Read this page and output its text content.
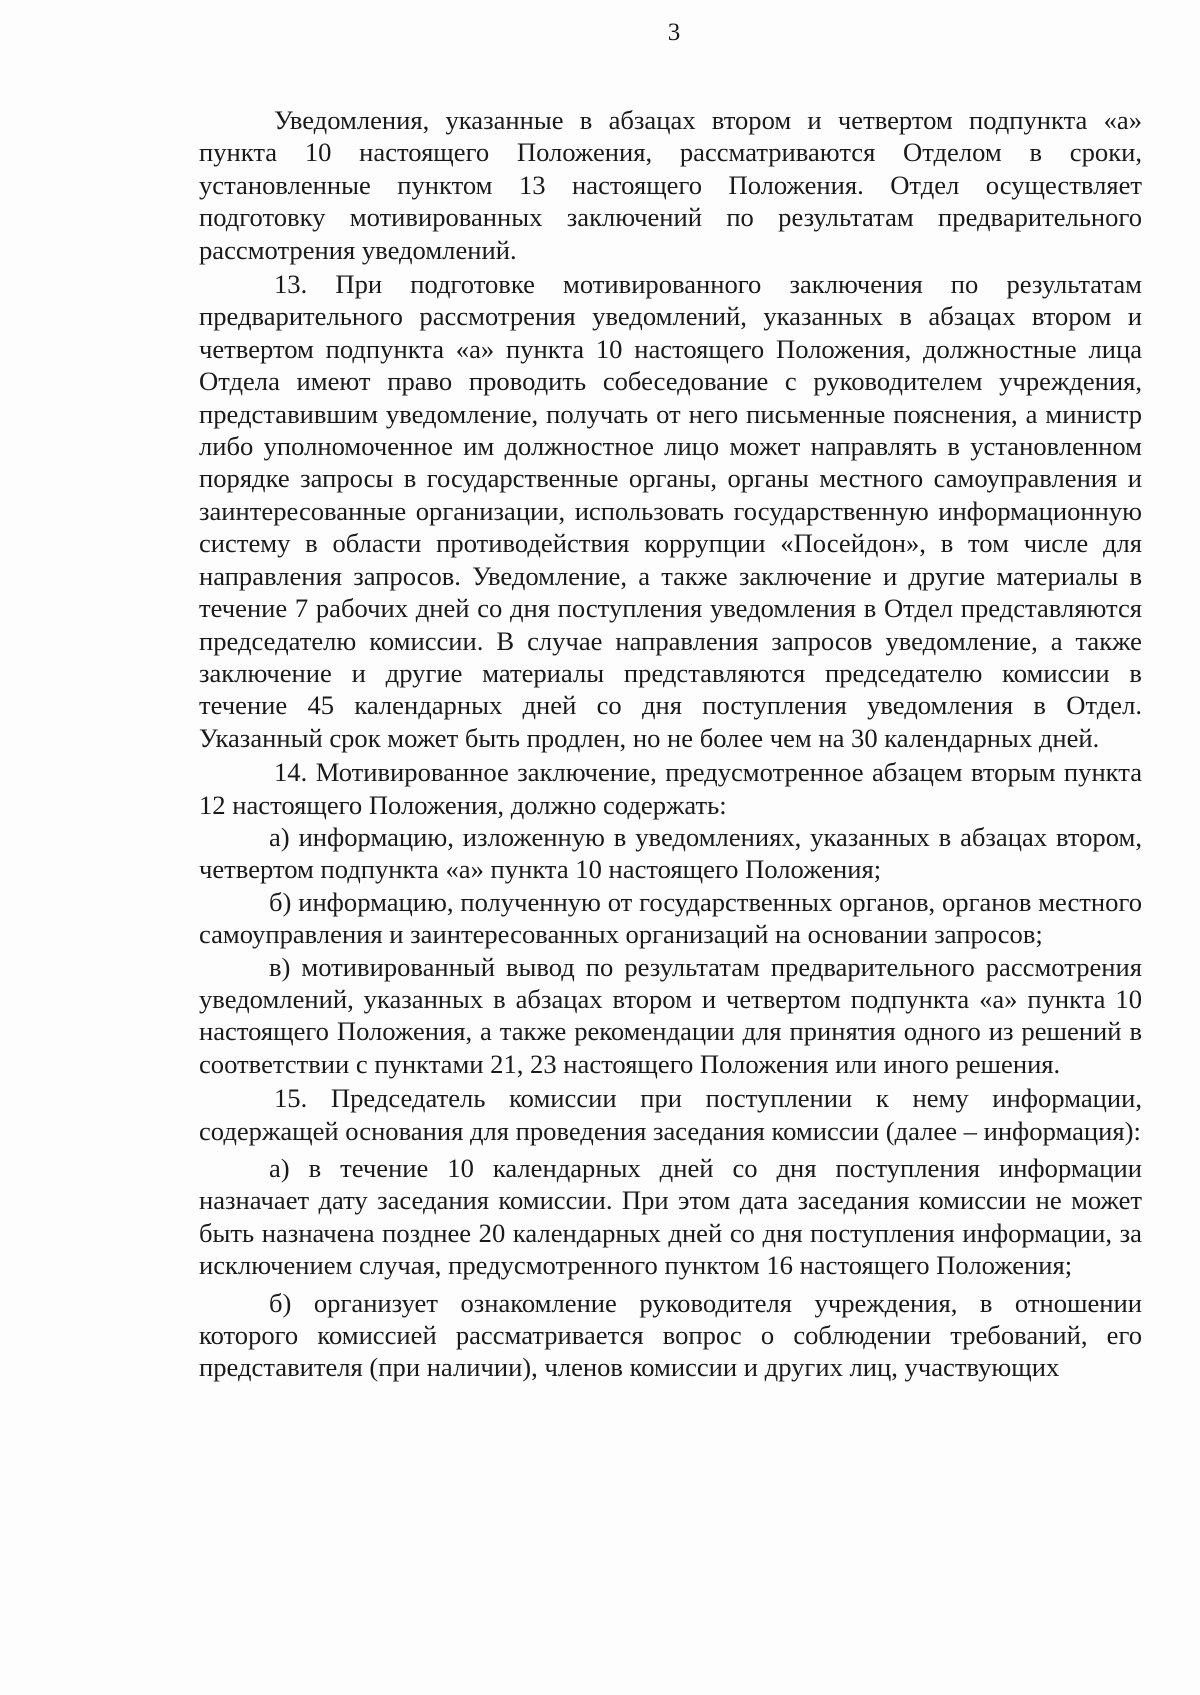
3

Уведомления, указанные в абзацах втором и четвертом подпункта «а» пункта 10 настоящего Положения, рассматриваются Отделом в сроки, установленные пунктом 13 настоящего Положения. Отдел осуществляет подготовку мотивированных заключений по результатам предварительного рассмотрения уведомлений.

13. При подготовке мотивированного заключения по результатам предварительного рассмотрения уведомлений, указанных в абзацах втором и четвертом подпункта «а» пункта 10 настоящего Положения, должностные лица Отдела имеют право проводить собеседование с руководителем учреждения, представившим уведомление, получать от него письменные пояснения, а министр либо уполномоченное им должностное лицо может направлять в установленном порядке запросы в государственные органы, органы местного самоуправления и заинтересованные организации, использовать государственную информационную систему в области противодействия коррупции «Посейдон», в том числе для направления запросов. Уведомление, а также заключение и другие материалы в течение 7 рабочих дней со дня поступления уведомления в Отдел представляются председателю комиссии. В случае направления запросов уведомление, а также заключение и другие материалы представляются председателю комиссии в течение 45 календарных дней со дня поступления уведомления в Отдел. Указанный срок может быть продлен, но не более чем на 30 календарных дней.

14. Мотивированное заключение, предусмотренное абзацем вторым пункта 12 настоящего Положения, должно содержать:

а) информацию, изложенную в уведомлениях, указанных в абзацах втором, четвертом подпункта «а» пункта 10 настоящего Положения;

б) информацию, полученную от государственных органов, органов местного самоуправления и заинтересованных организаций на основании запросов;

в) мотивированный вывод по результатам предварительного рассмотрения уведомлений, указанных в абзацах втором и четвертом подпункта «а» пункта 10 настоящего Положения, а также рекомендации для принятия одного из решений в соответствии с пунктами 21, 23 настоящего Положения или иного решения.

15. Председатель комиссии при поступлении к нему информации, содержащей основания для проведения заседания комиссии (далее – информация):

а) в течение 10 календарных дней со дня поступления информации назначает дату заседания комиссии. При этом дата заседания комиссии не может быть назначена позднее 20 календарных дней со дня поступления информации, за исключением случая, предусмотренного пунктом 16 настоящего Положения;

б) организует ознакомление руководителя учреждения, в отношении которого комиссией рассматривается вопрос о соблюдении требований, его представителя (при наличии), членов комиссии и других лиц, участвующих
